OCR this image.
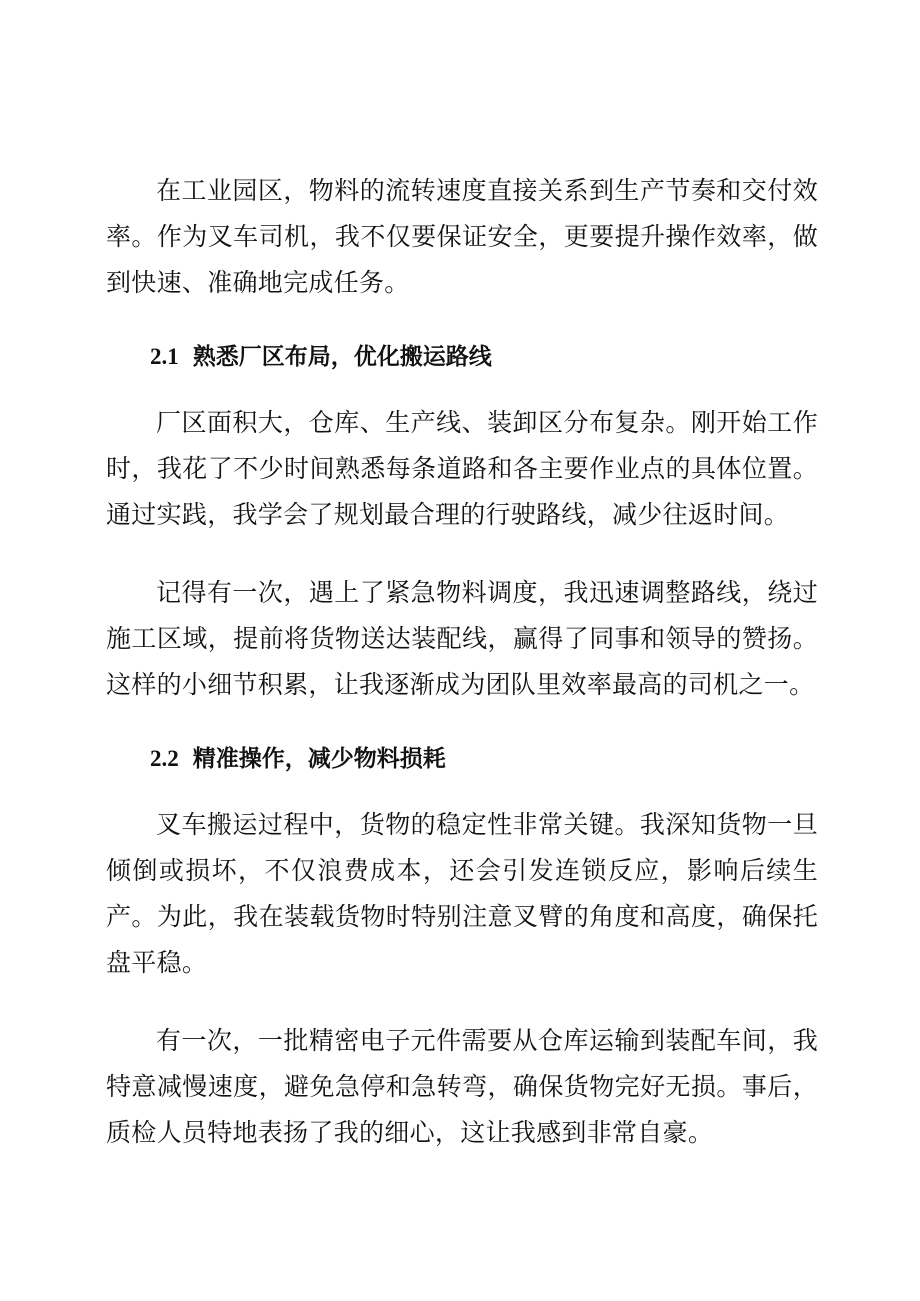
在工业园区，物料的流转速度直接关系到生产节奏和交付效率。作为叉车司机，我不仅要保证安全，更要提升操作效率，做到快速、准确地完成任务。

2.1 熟悉厂区布局，优化搬运路线

厂区面积大，仓库、生产线、装卸区分布复杂。刚开始工作时，我花了不少时间熟悉每条道路和各主要作业点的具体位置。通过实践，我学会了规划最合理的行驶路线，减少往返时间。

记得有一次，遇上了紧急物料调度，我迅速调整路线，绕过施工区域，提前将货物送达装配线，赢得了同事和领导的赞扬。这样的小细节积累，让我逐渐成为团队里效率最高的司机之一。

2.2 精准操作，减少物料损耗

叉车搬运过程中，货物的稳定性非常关键。我深知货物一旦倾倒或损坏，不仅浪费成本，还会引发连锁反应，影响后续生产。为此，我在装载货物时特别注意叉臂的角度和高度，确保托盘平稳。

有一次，一批精密电子元件需要从仓库运输到装配车间，我特意减慢速度，避免急停和急转弯，确保货物完好无损。事后，质检人员特地表扬了我的细心，这让我感到非常自豪。
